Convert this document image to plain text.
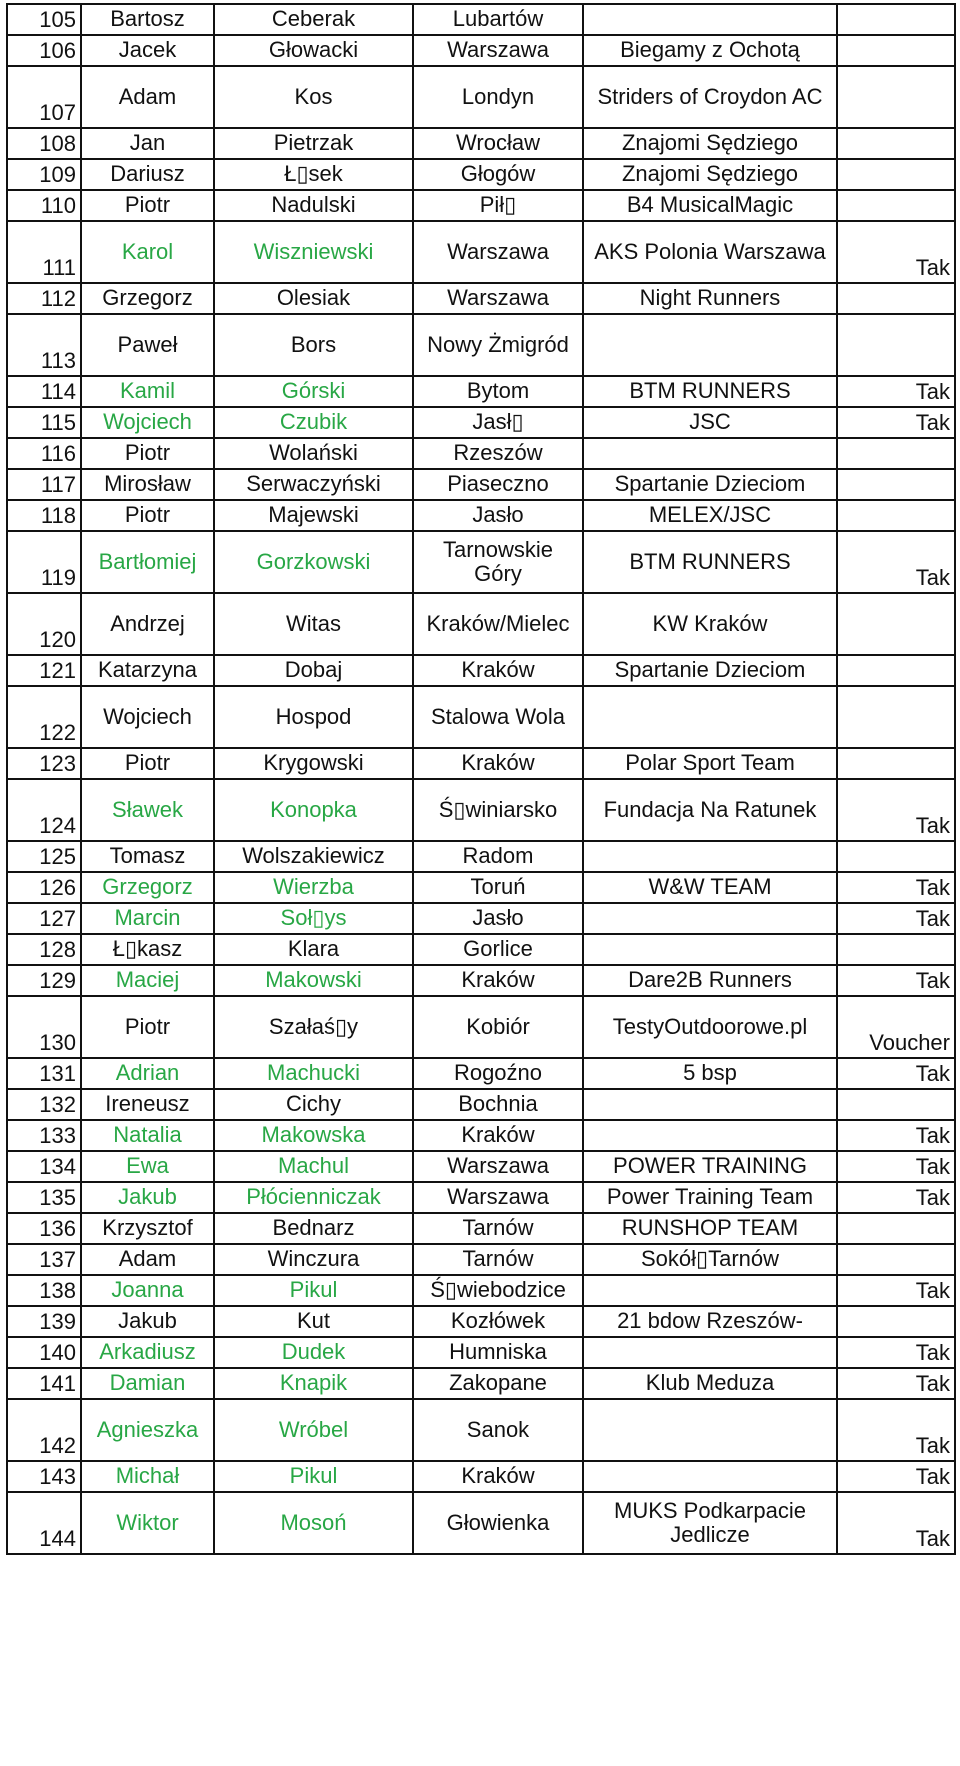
105	Bartosz	Ceberak	Lubartów		
106	Jacek	Głowacki	Warszawa	Biegamy z Ochotą	
107	Adam	Kos	Londyn	Striders of Croydon AC	
108	Jan	Pietrzak	Wrocław	Znajomi Sędziego	
109	Dariusz	Ł▯sek	Głogów	Znajomi Sędziego	
110	Piotr	Nadulski	Pił▯	B4 MusicalMagic	
111	Karol	Wiszniewski	Warszawa	AKS Polonia Warszawa	Tak
112	Grzegorz	Olesiak	Warszawa	Night Runners	
113	Paweł	Bors	Nowy Żmigród		
114	Kamil	Górski	Bytom	BTM RUNNERS	Tak
115	Wojciech	Czubik	Jasł▯	JSC	Tak
116	Piotr	Wolański	Rzeszów		
117	Mirosław	Serwaczyński	Piaseczno	Spartanie Dzieciom	
118	Piotr	Majewski	Jasło	MELEX/JSC	
119	Bartłomiej	Gorzkowski	Tarnowskie Góry	BTM RUNNERS	Tak
120	Andrzej	Witas	Kraków/Mielec	KW Kraków	
121	Katarzyna	Dobaj	Kraków	Spartanie Dzieciom	
122	Wojciech	Hospod	Stalowa Wola		
123	Piotr	Krygowski	Kraków	Polar Sport Team	
124	Sławek	Konopka	Ś▯winiarsko	Fundacja Na Ratunek	Tak
125	Tomasz	Wolszakiewicz	Radom		
126	Grzegorz	Wierzba	Toruń	W&W TEAM	Tak
127	Marcin	Soł▯ys	Jasło		Tak
128	Ł▯kasz	Klara	Gorlice		
129	Maciej	Makowski	Kraków	Dare2B Runners	Tak
130	Piotr	Szałaś▯y	Kobiór	TestyOutdoorowe.pl	Voucher
131	Adrian	Machucki	Rogoźno	5 bsp	Tak
132	Ireneusz	Cichy	Bochnia		
133	Natalia	Makowska	Kraków		Tak
134	Ewa	Machul	Warszawa	POWER TRAINING	Tak
135	Jakub	Płócienniczak	Warszawa	Power Training Team	Tak
136	Krzysztof	Bednarz	Tarnów	RUNSHOP TEAM	
137	Adam	Winczura	Tarnów	Sokół▯Tarnów	
138	Joanna	Pikul	Ś▯wiebodzice		Tak
139	Jakub	Kut	Kozłówek	21 bdow Rzeszów-	
140	Arkadiusz	Dudek	Humniska		Tak
141	Damian	Knapik	Zakopane	Klub Meduza	Tak
142	Agnieszka	Wróbel	Sanok		Tak
143	Michał	Pikul	Kraków		Tak
144	Wiktor	Mosoń	Głowienka	MUKS Podkarpacie Jedlicze	Tak
